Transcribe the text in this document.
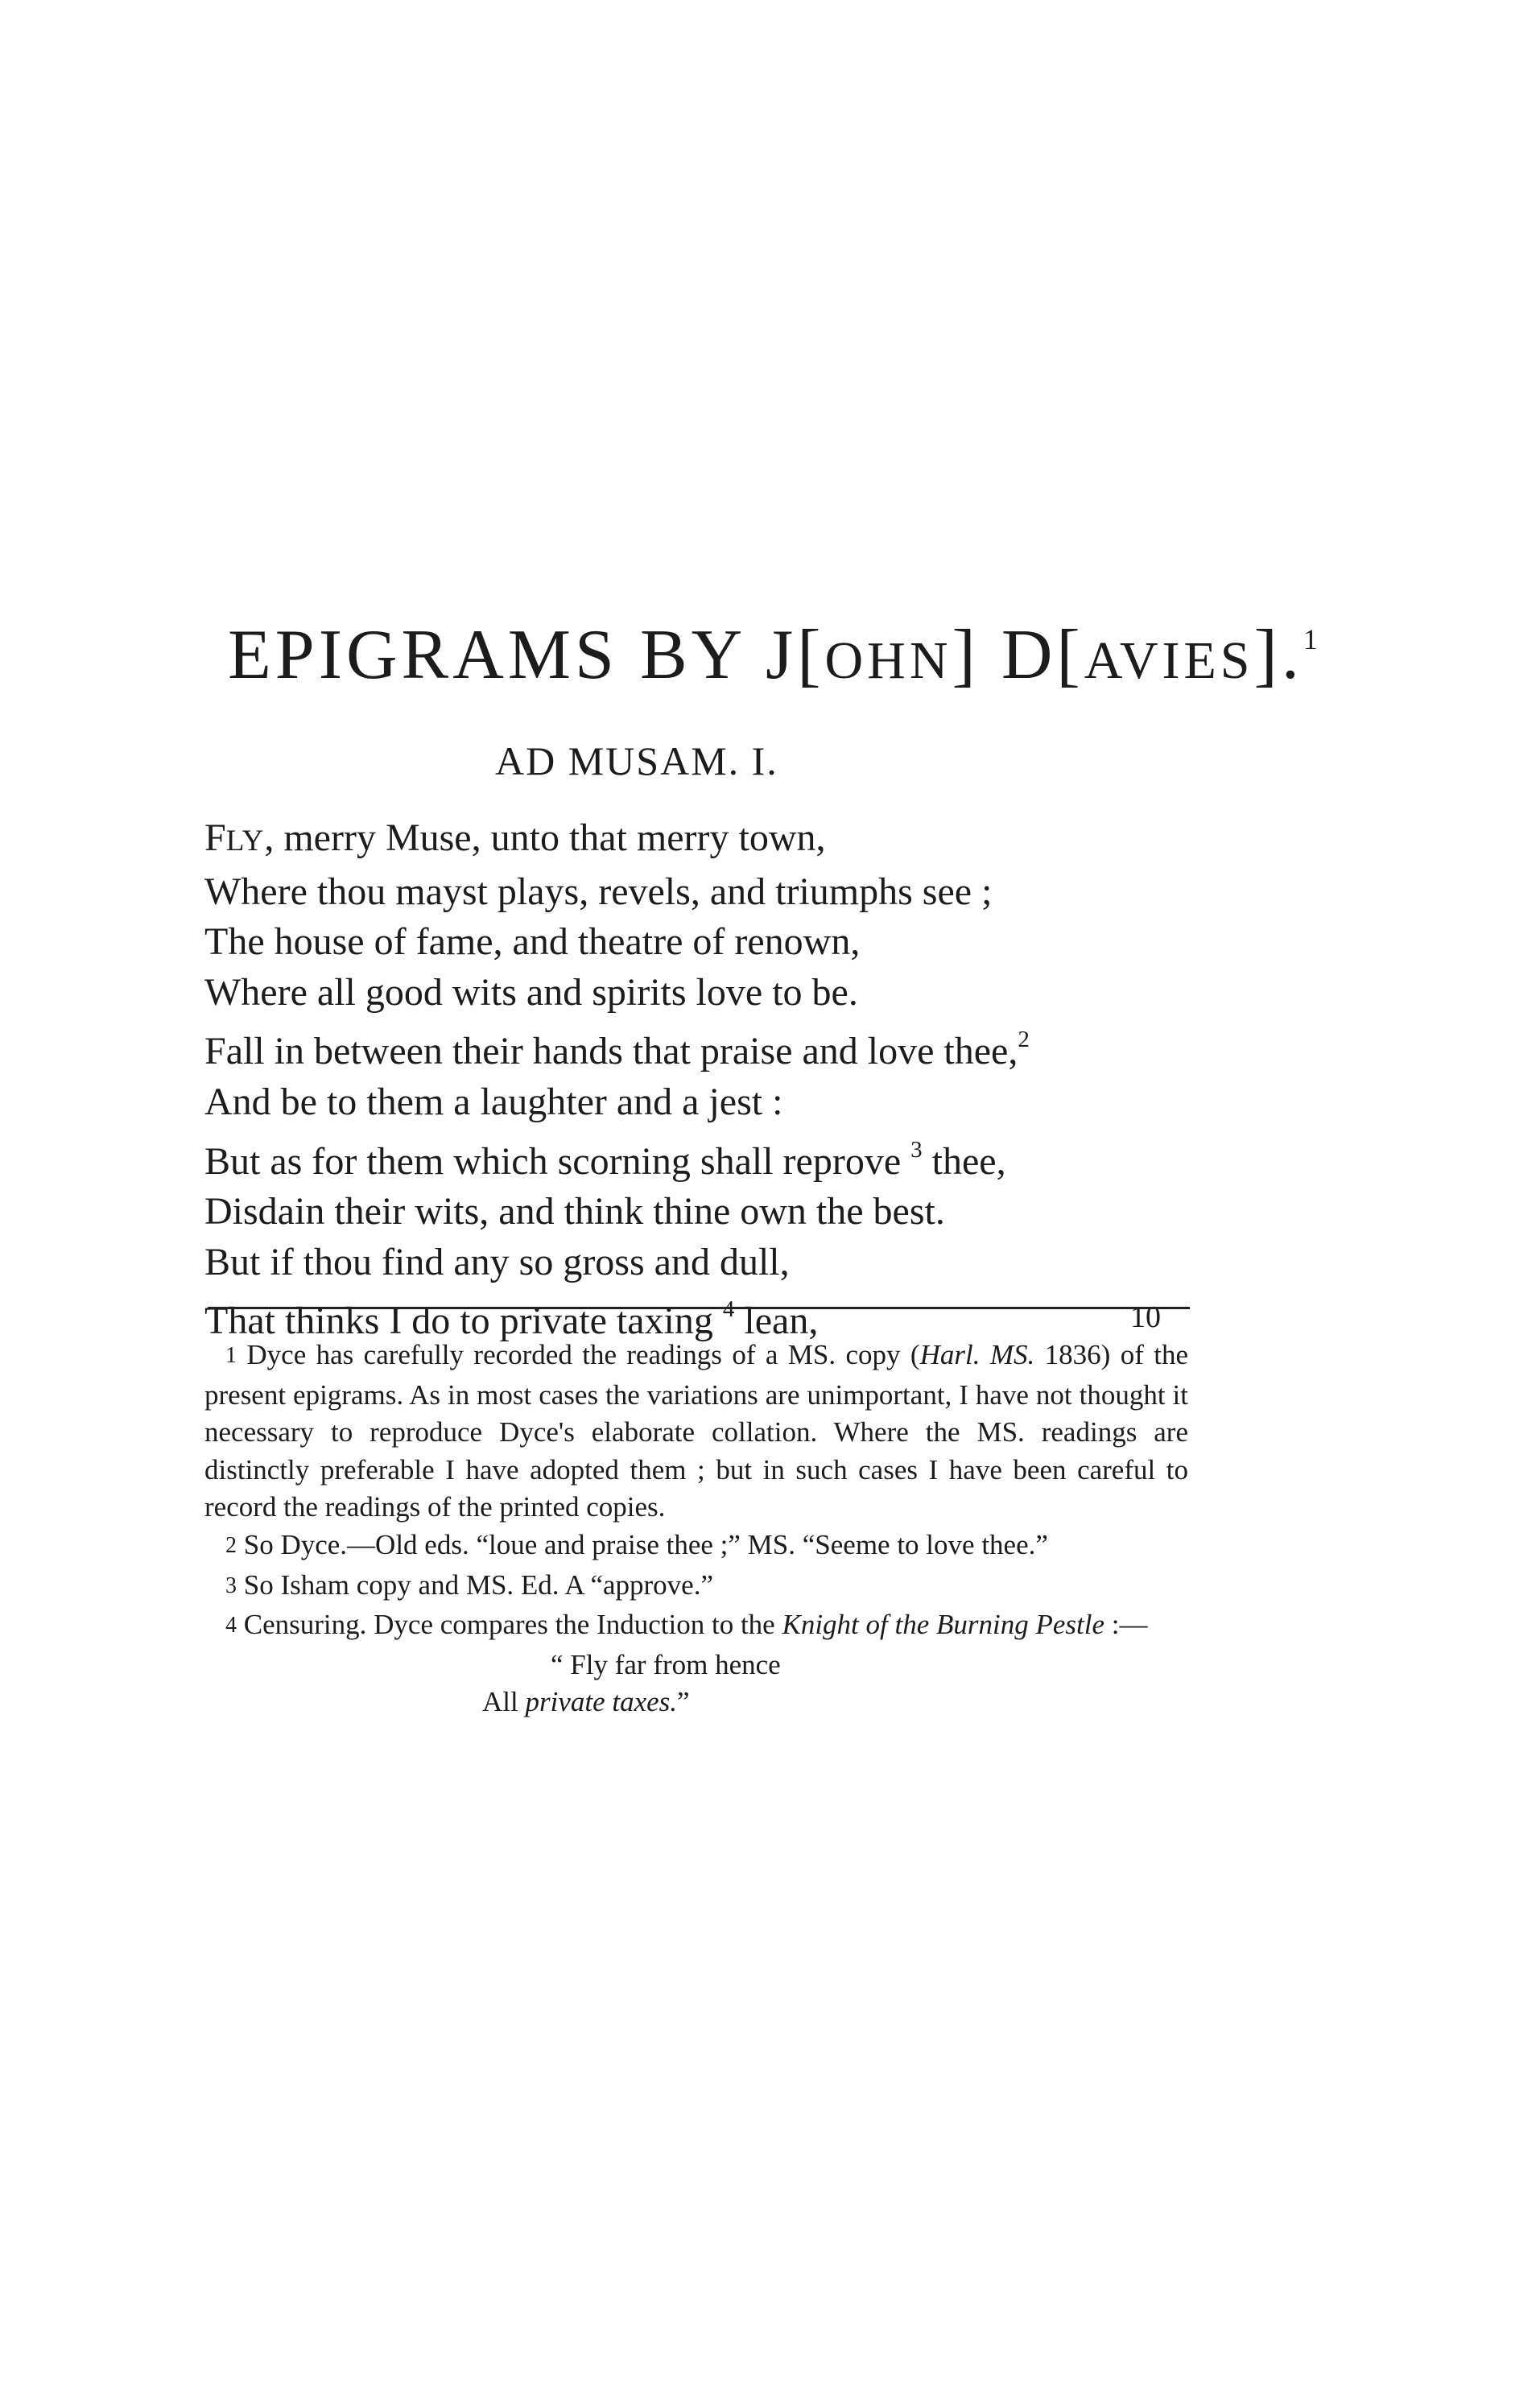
EPIGRAMS BY J[OHN] D[AVIES].$^1$
AD MUSAM. I.
FLY, merry Muse, unto that merry town,
Where thou mayst plays, revels, and triumphs see ;
The house of fame, and theatre of renown,
Where all good wits and spirits love to be.
Fall in between their hands that praise and love thee,$^2$
And be to them a laughter and a jest :
But as for them which scorning shall reprove $^3$ thee,
Disdain their wits, and think thine own the best.
But if thou find any so gross and dull,
That thinks I do to private taxing $^4$ lean,	10

1 Dyce has carefully recorded the readings of a MS. copy (Harl. MS. 1836) of the present epigrams. As in most cases the variations are unimportant, I have not thought it necessary to reproduce Dyce's elaborate collation. Where the MS. readings are distinctly preferable I have adopted them ; but in such cases I have been careful to record the readings of the printed copies.

2 So Dyce.—Old eds. “loue and praise thee ;” MS. “Seeme to love thee.”

3 So Isham copy and MS. Ed. A “approve.”

4 Censuring. Dyce compares the Induction to the Knight of the Burning Pestle :—

“ Fly far from hence

All private taxes.”
